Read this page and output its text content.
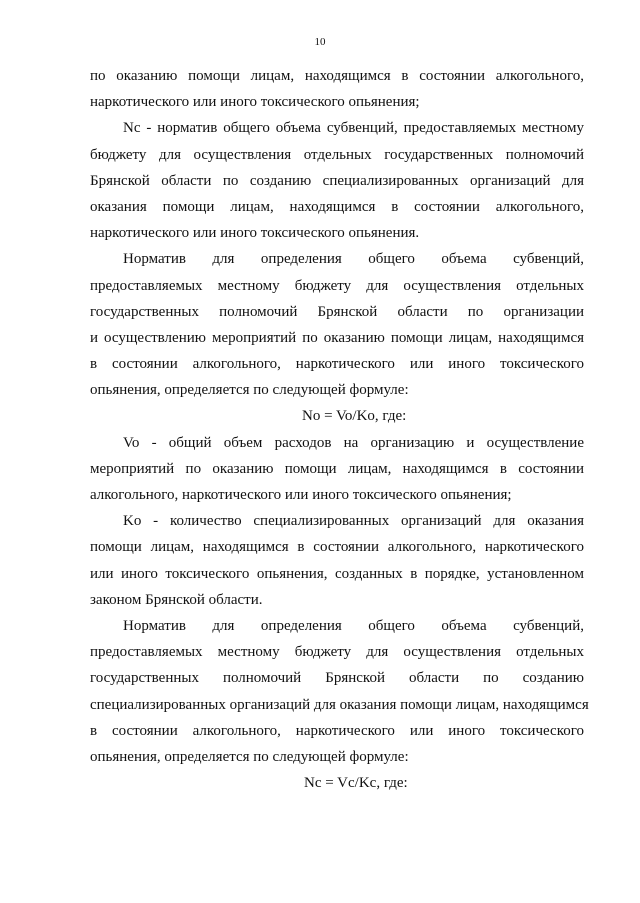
10
по оказанию помощи лицам, находящимся в состоянии алкогольного,
наркотического или иного токсического опьянения;
Nc - норматив общего объема субвенций, предоставляемых местному
бюджету для осуществления отдельных государственных полномочий
Брянской области по созданию специализированных организаций для
оказания помощи лицам, находящимся в состоянии алкогольного,
наркотического или иного токсического опьянения.
Норматив для определения общего объема субвенций,
предоставляемых местному бюджету для осуществления отдельных
государственных полномочий Брянской области по организации
и осуществлению мероприятий по оказанию помощи лицам, находящимся
в состоянии алкогольного, наркотического или иного токсического
опьянения, определяется по следующей формуле:
No = Vo/Ko, где:
Vo - общий объем расходов на организацию и осуществление
мероприятий по оказанию помощи лицам, находящимся в состоянии
алкогольного, наркотического или иного токсического опьянения;
Ko - количество специализированных организаций для оказания
помощи лицам, находящимся в состоянии алкогольного, наркотического
или иного токсического опьянения, созданных в порядке, установленном
законом Брянской области.
Норматив для определения общего объема субвенций,
предоставляемых местному бюджету для осуществления отдельных
государственных полномочий Брянской области по созданию
специализированных организаций для оказания помощи лицам, находящимся
в состоянии алкогольного, наркотического или иного токсического
опьянения, определяется по следующей формуле:
Nc = Vc/Kc, где:
